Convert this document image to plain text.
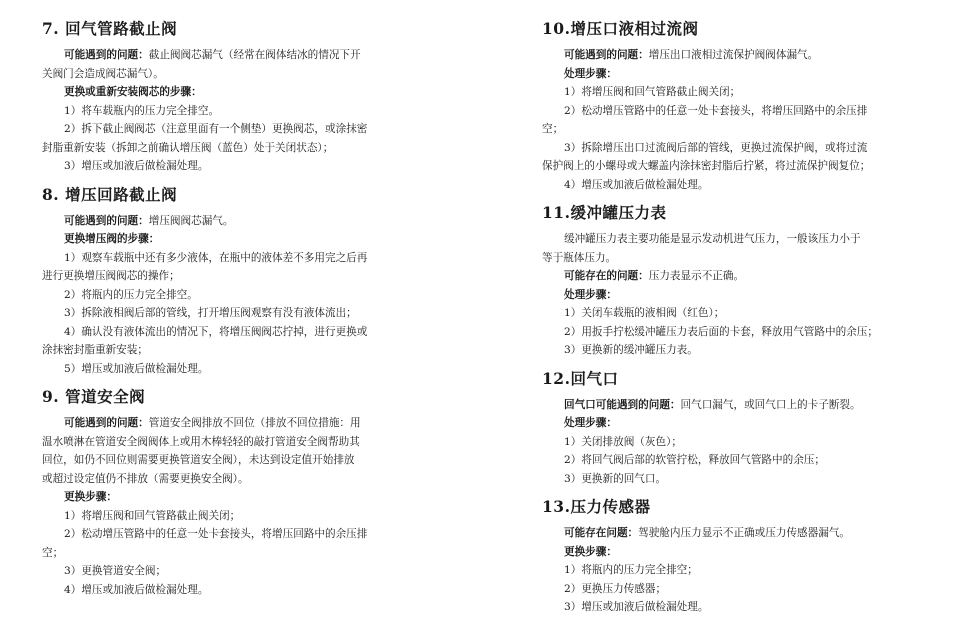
7. 回气管路截止阀
可能遇到的问题：截止阀阀芯漏气（经常在阀体结冰的情况下开
关阀门会造成阀芯漏气）。
更换或重新安装阀芯的步骤：
1）将车载瓶内的压力完全排空。
2）拆下截止阀阀芯（注意里面有一个侧垫）更换阀芯，或涂抹密
封脂重新安装（拆卸之前确认增压阀（蓝色）处于关闭状态）；
3）增压或加液后做检漏处理。
8. 增压回路截止阀
可能遇到的问题：增压阀阀芯漏气。
更换增压阀的步骤：
1）观察车载瓶中还有多少液体，在瓶中的液体差不多用完之后再
进行更换增压阀阀芯的操作；
2）将瓶内的压力完全排空。
3）拆除液相阀后部的管线，打开增压阀观察有没有液体流出；
4）确认没有液体流出的情况下，将增压阀阀芯拧掉，进行更换或
涂抹密封脂重新安装；
5）增压或加液后做检漏处理。
9. 管道安全阀
可能遇到的问题：管道安全阀排放不回位（排放不回位措施：用
温水喷淋在管道安全阀阀体上或用木棒轻轻的敲打管道安全阀帮助其
回位，如仍不回位则需要更换管道安全阀），未达到设定值开始排放
或超过设定值仍不排放（需要更换安全阀）。
更换步骤：
1）将增压阀和回气管路截止阀关闭；
2）松动增压管路中的任意一处卡套接头，将增压回路中的余压排
空；
3）更换管道安全阀；
4）增压或加液后做检漏处理。
10.增压口液相过流阀
可能遇到的问题：增压出口液相过流保护阀阀体漏气。
处理步骤：
1）将增压阀和回气管路截止阀关闭；
2）松动增压管路中的任意一处卡套接头，将增压回路中的余压排
空；
3）拆除增压出口过流阀后部的管线，更换过流保护阀，或将过流
保护阀上的小螺母或大螺盖内涂抹密封脂后拧紧，将过流保护阀复位；
4）增压或加液后做检漏处理。
11.缓冲罐压力表
缓冲罐压力表主要功能是显示发动机进气压力，一般该压力小于
等于瓶体压力。
可能存在的问题：压力表显示不正确。
处理步骤：
1）关闭车载瓶的液相阀（红色）；
2）用扳手拧松缓冲罐压力表后面的卡套，释放用气管路中的余压；
3）更换新的缓冲罐压力表。
12.回气口
回气口可能遇到的问题：回气口漏气，或回气口上的卡子断裂。
处理步骤：
1）关闭排放阀（灰色）；
2）将回气阀后部的软管拧松，释放回气管路中的余压；
3）更换新的回气口。
13.压力传感器
可能存在问题：驾驶舱内压力显示不正确或压力传感器漏气。
更换步骤：
1）将瓶内的压力完全排空；
2）更换压力传感器；
3）增压或加液后做检漏处理。
